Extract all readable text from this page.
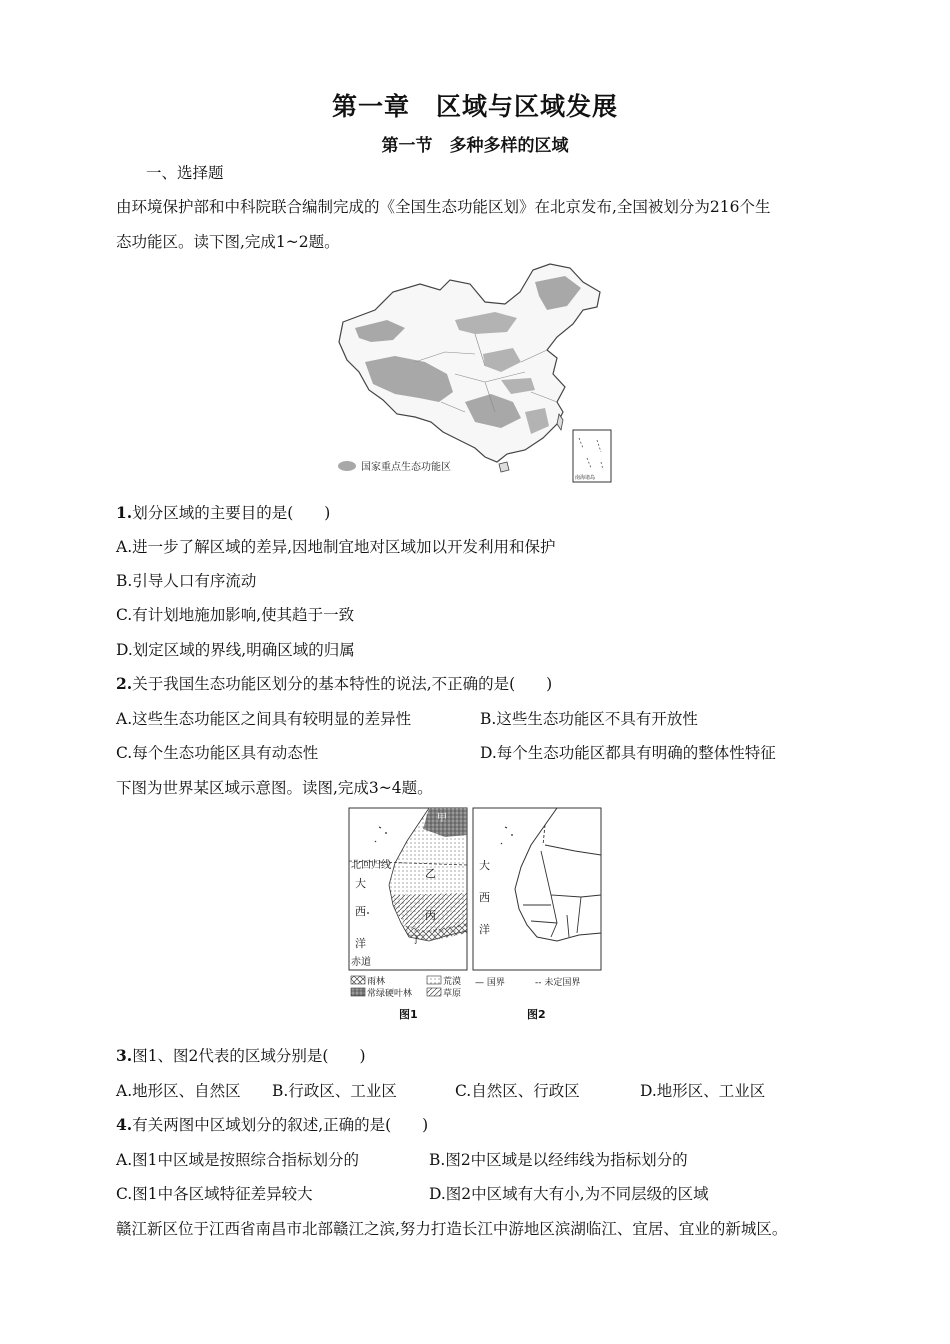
第一章　区域与区域发展
第一节　多种多样的区域
一、选择题
由环境保护部和中科院联合编制完成的《全国生态功能区划》在北京发布,全国被划分为216个生
态功能区。读下图,完成1~2题。
国家重点生态功能区
南海诸岛
1.划分区域的主要目的是(　　)
A.进一步了解区域的差异,因地制宜地对区域加以开发利用和保护
B.引导人口有序流动
C.有计划地施加影响,使其趋于一致
D.划定区域的界线,明确区域的归属
2.关于我国生态功能区划分的基本特性的说法,不正确的是(　　)
A.这些生态功能区之间具有较明显的差异性	B.这些生态功能区不具有开放性
C.每个生态功能区具有动态性	D.每个生态功能区都具有明确的整体性特征
下图为世界某区域示意图。读图,完成3~4题。
甲
乙
丙
丁
北回归线
大
西
洋
赤道
大
西
洋
雨林	荒漠
常绿硬叶林	草原
— 国界	-- 未定国界
图1	图2
3.图1、图2代表的区域分别是(　　)
A.地形区、自然区 B.行政区、工业区	C.自然区、行政区	D.地形区、工业区
4.有关两图中区域划分的叙述,正确的是(　　)
A.图1中区域是按照综合指标划分的	B.图2中区域是以经纬线为指标划分的
C.图1中各区域特征差异较大	D.图2中区域有大有小,为不同层级的区域
赣江新区位于江西省南昌市北部赣江之滨,努力打造长江中游地区滨湖临江、宜居、宜业的新城区。
